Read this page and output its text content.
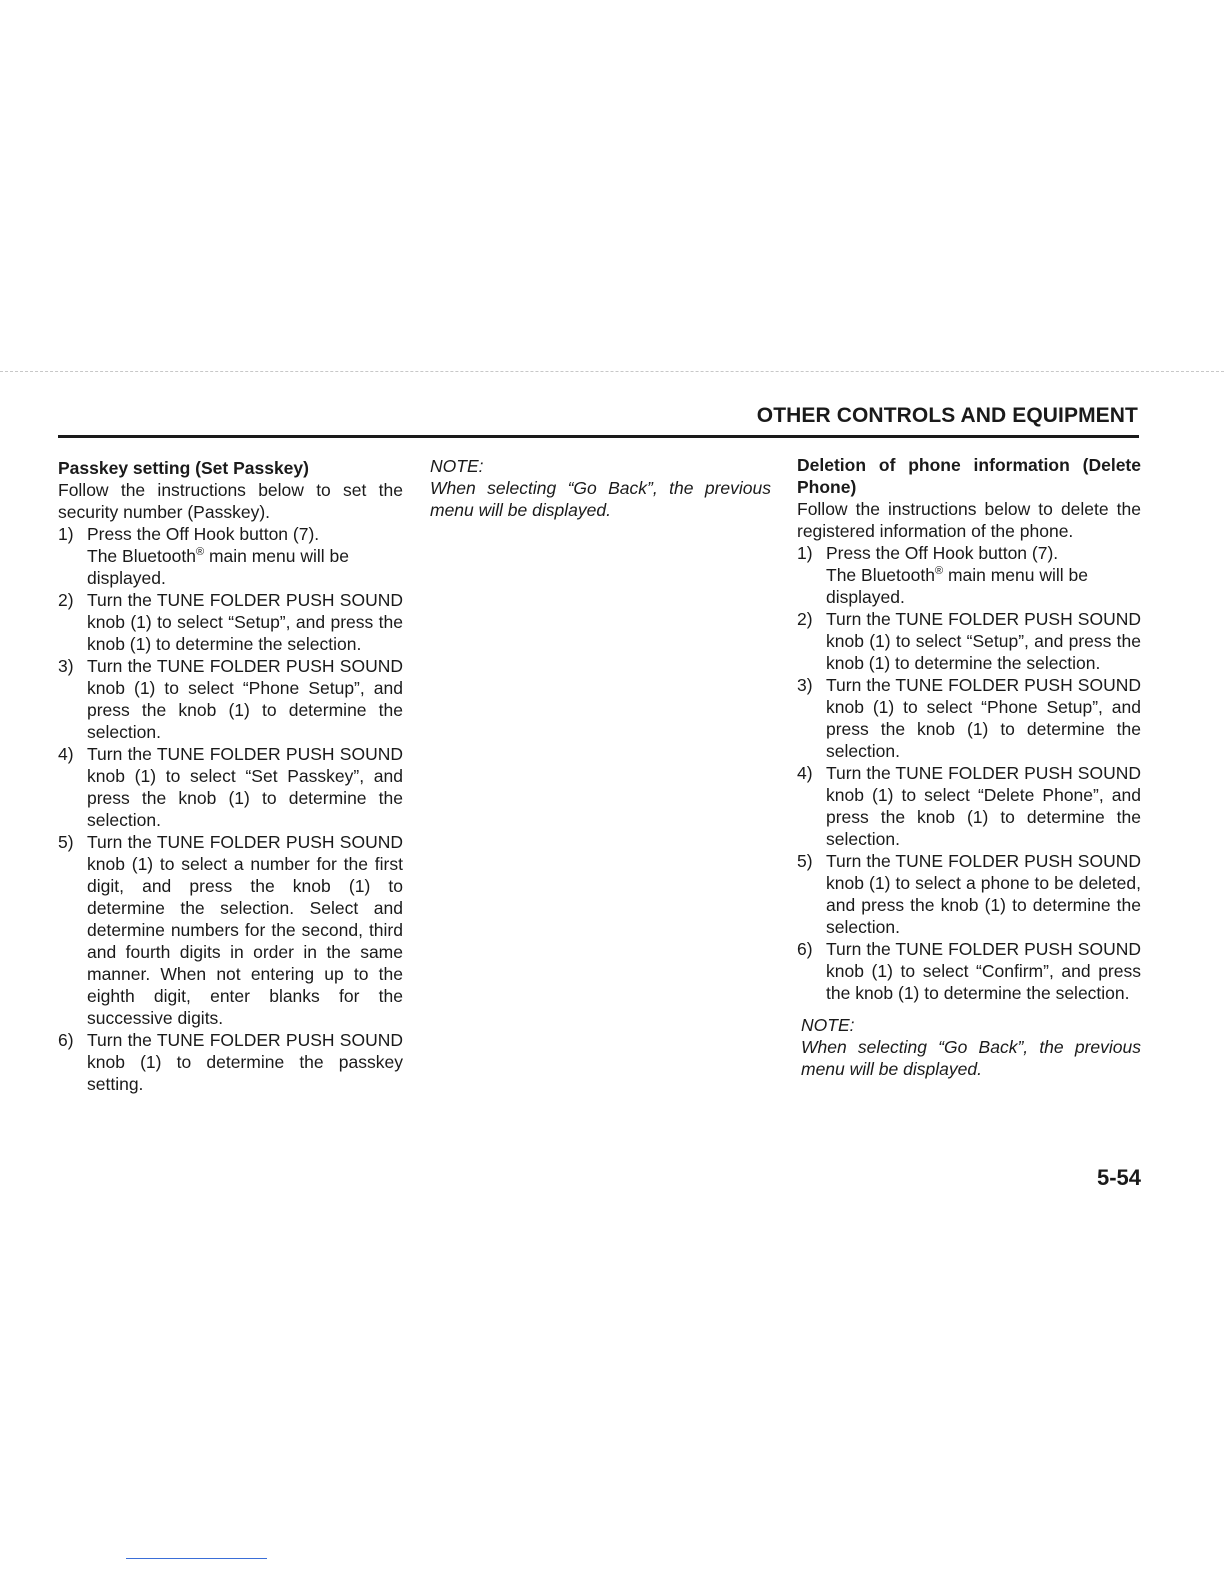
OTHER CONTROLS AND EQUIPMENT
Passkey setting (Set Passkey)

Follow the instructions below to set the security number (Passkey).

1) Press the Off Hook button (7).
The Bluetooth® main menu will be displayed.
2) Turn the TUNE FOLDER PUSH SOUND knob (1) to select “Setup”, and press the knob (1) to determine the selection.
3) Turn the TUNE FOLDER PUSH SOUND knob (1) to select “Phone Setup”, and press the knob (1) to determine the selection.
4) Turn the TUNE FOLDER PUSH SOUND knob (1) to select “Set Passkey”, and press the knob (1) to determine the selection.
5) Turn the TUNE FOLDER PUSH SOUND knob (1) to select a number for the first digit, and press the knob (1) to determine the selection. Select and determine numbers for the second, third and fourth digits in order in the same manner. When not entering up to the eighth digit, enter blanks for the successive digits.
6) Turn the TUNE FOLDER PUSH SOUND knob (1) to determine the passkey setting.
NOTE:
When selecting “Go Back”, the previous menu will be displayed.
Deletion of phone information (Delete Phone)

Follow the instructions below to delete the registered information of the phone.

1) Press the Off Hook button (7).
The Bluetooth® main menu will be displayed.
2) Turn the TUNE FOLDER PUSH SOUND knob (1) to select “Setup”, and press the knob (1) to determine the selection.
3) Turn the TUNE FOLDER PUSH SOUND knob (1) to select “Phone Setup”, and press the knob (1) to determine the selection.
4) Turn the TUNE FOLDER PUSH SOUND knob (1) to select “Delete Phone”, and press the knob (1) to determine the selection.
5) Turn the TUNE FOLDER PUSH SOUND knob (1) to select a phone to be deleted, and press the knob (1) to determine the selection.
6) Turn the TUNE FOLDER PUSH SOUND knob (1) to select “Confirm”, and press the knob (1) to determine the selection.
NOTE:
When selecting “Go Back”, the previous menu will be displayed.
5-54
